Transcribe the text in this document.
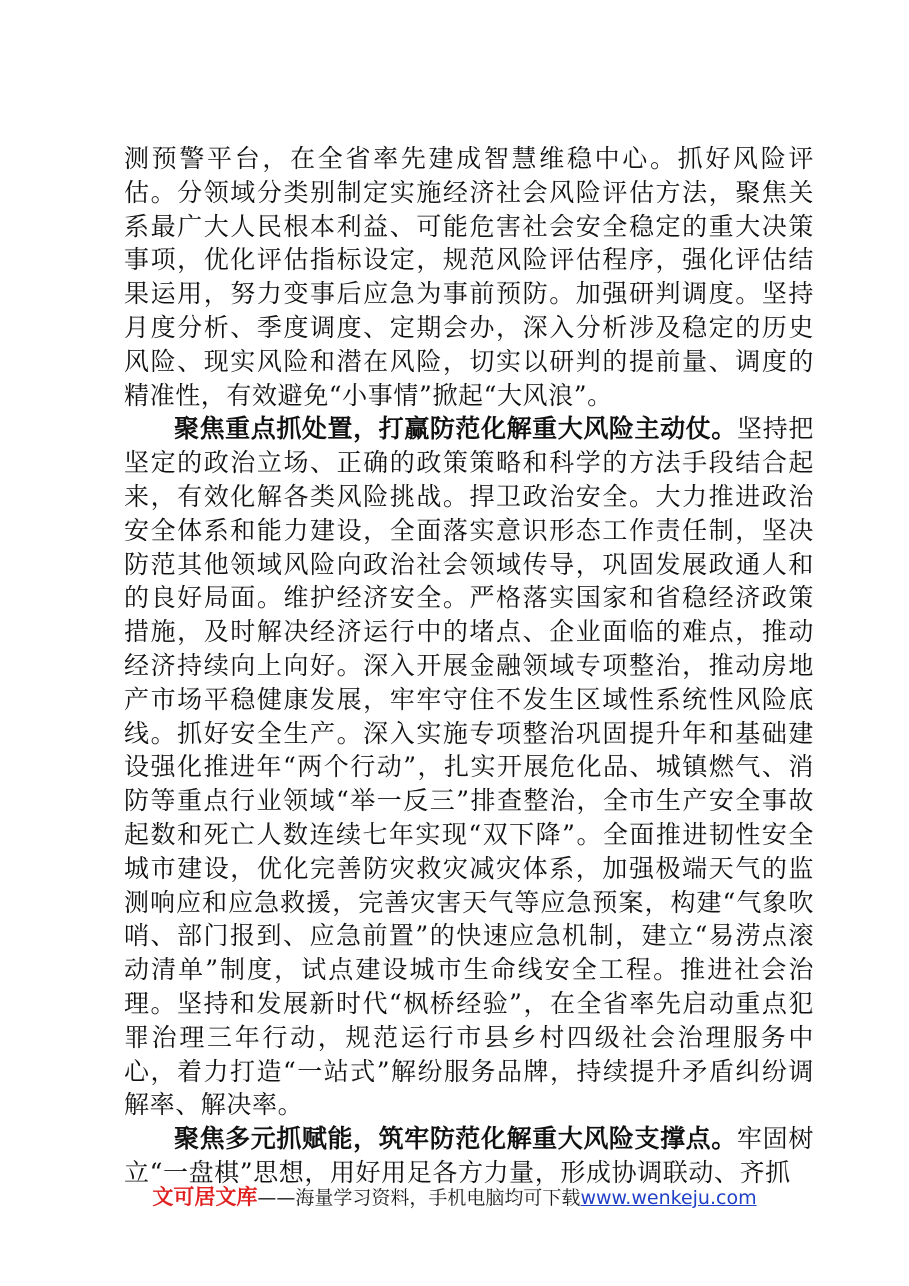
测预警平台，在全省率先建成智慧维稳中心。抓好风险评估。分领域分类别制定实施经济社会风险评估方法，聚焦关系最广大人民根本利益、可能危害社会安全稳定的重大决策事项，优化评估指标设定，规范风险评估程序，强化评估结果运用，努力变事后应急为事前预防。加强研判调度。坚持月度分析、季度调度、定期会办，深入分析涉及稳定的历史风险、现实风险和潜在风险，切实以研判的提前量、调度的精准性，有效避免“小事情”掀起“大风浪”。

聚焦重点抓处置，打赢防范化解重大风险主动仗。坚持把坚定的政治立场、正确的政策策略和科学的方法手段结合起来，有效化解各类风险挑战。捍卫政治安全。大力推进政治安全体系和能力建设，全面落实意识形态工作责任制，坚决防范其他领域风险向政治社会领域传导，巩固发展政通人和的良好局面。维护经济安全。严格落实国家和省稳经济政策措施，及时解决经济运行中的堵点、企业面临的难点，推动经济持续向上向好。深入开展金融领域专项整治，推动房地产市场平稳健康发展，牢牢守住不发生区域性系统性风险底线。抓好安全生产。深入实施专项整治巩固提升年和基础建设强化推进年“两个行动”，扎实开展危化品、城镇燃气、消防等重点行业领域“举一反三”排查整治，全市生产安全事故起数和死亡人数连续七年实现“双下降”。全面推进韧性安全城市建设，优化完善防灾救灾减灾体系，加强极端天气的监测响应和应急救援，完善灾害天气等应急预案，构建“气象吹哨、部门报到、应急前置”的快速应急机制，建立“易涝点滚动清单”制度，试点建设城市生命线安全工程。推进社会治理。坚持和发展新时代“枫桥经验”，在全省率先启动重点犯罪治理三年行动，规范运行市县乡村四级社会治理服务中心，着力打造“一站式”解纷服务品牌，持续提升矛盾纠纷调解率、解决率。

聚焦多元抓赋能，筑牢防范化解重大风险支撑点。牢固树立“一盘棋”思想，用好用足各方力量，形成协调联动、齐抓

文可居文库——海量学习资料，手机电脑均可下载www.wenkeju.com
